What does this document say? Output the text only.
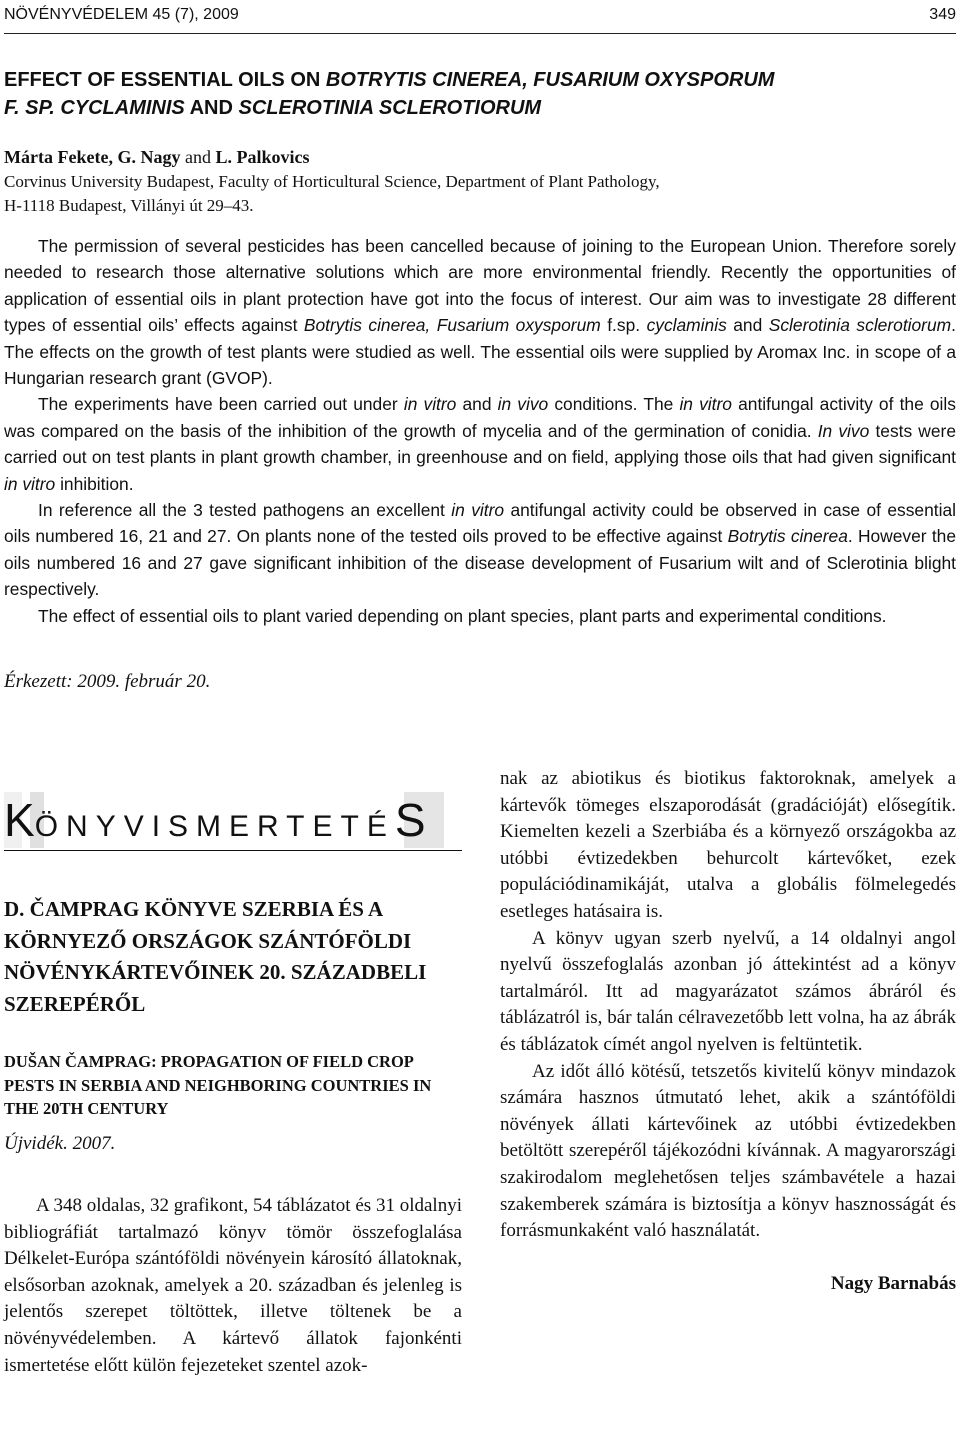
NÖVÉNYVÉDELEM 45 (7), 2009	349
EFFECT OF ESSENTIAL OILS ON BOTRYTIS CINEREA, FUSARIUM OXYSPORUM
F. SP. CYCLAMINIS AND SCLEROTINIA SCLEROTIORUM

Márta Fekete, G. Nagy and L. Palkovics

Corvinus University Budapest, Faculty of Horticultural Science, Department of Plant Pathology,
H-1118 Budapest, Villányi út 29–43.

The permission of several pesticides has been cancelled because of joining to the European Union. Therefore sorely needed to research those alternative solutions which are more environmental friendly. Recently the opportunities of application of essential oils in plant protection have got into the focus of interest. Our aim was to investigate 28 different types of essential oils’ effects against Botrytis cinerea, Fusarium oxysporum f.sp. cyclaminis and Sclerotinia sclerotiorum. The effects on the growth of test plants were studied as well. The essential oils were supplied by Aromax Inc. in scope of a Hungarian research grant (GVOP).

The experiments have been carried out under in vitro and in vivo conditions. The in vitro antifungal activity of the oils was compared on the basis of the inhibition of the growth of mycelia and of the germination of conidia. In vivo tests were carried out on test plants in plant growth chamber, in greenhouse and on field, applying those oils that had given significant in vitro inhibition.

In reference all the 3 tested pathogens an excellent in vitro antifungal activity could be observed in case of essential oils numbered 16, 21 and 27. On plants none of the tested oils proved to be effective against Botrytis cinerea. However the oils numbered 16 and 27 gave significant inhibition of the disease development of Fusarium wilt and of Sclerotinia blight respectively.

The effect of essential oils to plant varied depending on plant species, plant parts and experimental conditions.

Érkezett: 2009. február 20.
KÖNYVISMERTETÉS
D. ČAMPRAG KÖNYVE SZERBIA ÉS A KÖRNYEZŐ ORSZÁGOK SZÁNTÓFÖLDI NÖVÉNYKÁRTEVŐINEK 20. SZÁZADBELI SZEREPÉRŐL

DUŠAN ČAMPRAG: PROPAGATION OF FIELD CROP PESTS IN SERBIA AND NEIGHBORING COUNTRIES IN THE 20TH CENTURY

Újvidék. 2007.

A 348 oldalas, 32 grafikont, 54 táblázatot és 31 oldalnyi bibliográfiát tartalmazó könyv tömör összefoglalása Délkelet-Európa szántóföldi növényein károsító állatoknak, elsősorban azoknak, amelyek a 20. században és jelenleg is jelentős szerepet töltöttek, illetve töltenek be a növényvédelemben. A kártevő állatok fajonkénti ismertetése előtt külön fejezeteket szentel azok-

nak az abiotikus és biotikus faktoroknak, amelyek a kártevők tömeges elszaporodását (gradációját) elősegítik. Kiemelten kezeli a Szerbiába és a környező országokba az utóbbi évtizedekben behurcolt kártevőket, ezek populációdinamikáját, utalva a globális fölmelegedés esetleges hatásaira is.

A könyv ugyan szerb nyelvű, a 14 oldalnyi angol nyelvű összefoglalás azonban jó áttekintést ad a könyv tartalmáról. Itt ad magyarázatot számos ábráról és táblázatról is, bár talán célravezetőbb lett volna, ha az ábrák és táblázatok címét angol nyelven is feltüntetik.

Az időt álló kötésű, tetszetős kivitelű könyv mindazok számára hasznos útmutató lehet, akik a szántóföldi növények állati kártevőinek az utóbbi évtizedekben betöltött szerepéről tájékozódni kívánnak. A magyarországi szakirodalom meglehetősen teljes számbavétele a hazai szakemberek számára is biztosítja a könyv hasznosságát és forrásmunkaként való használatát.

Nagy Barnabás
